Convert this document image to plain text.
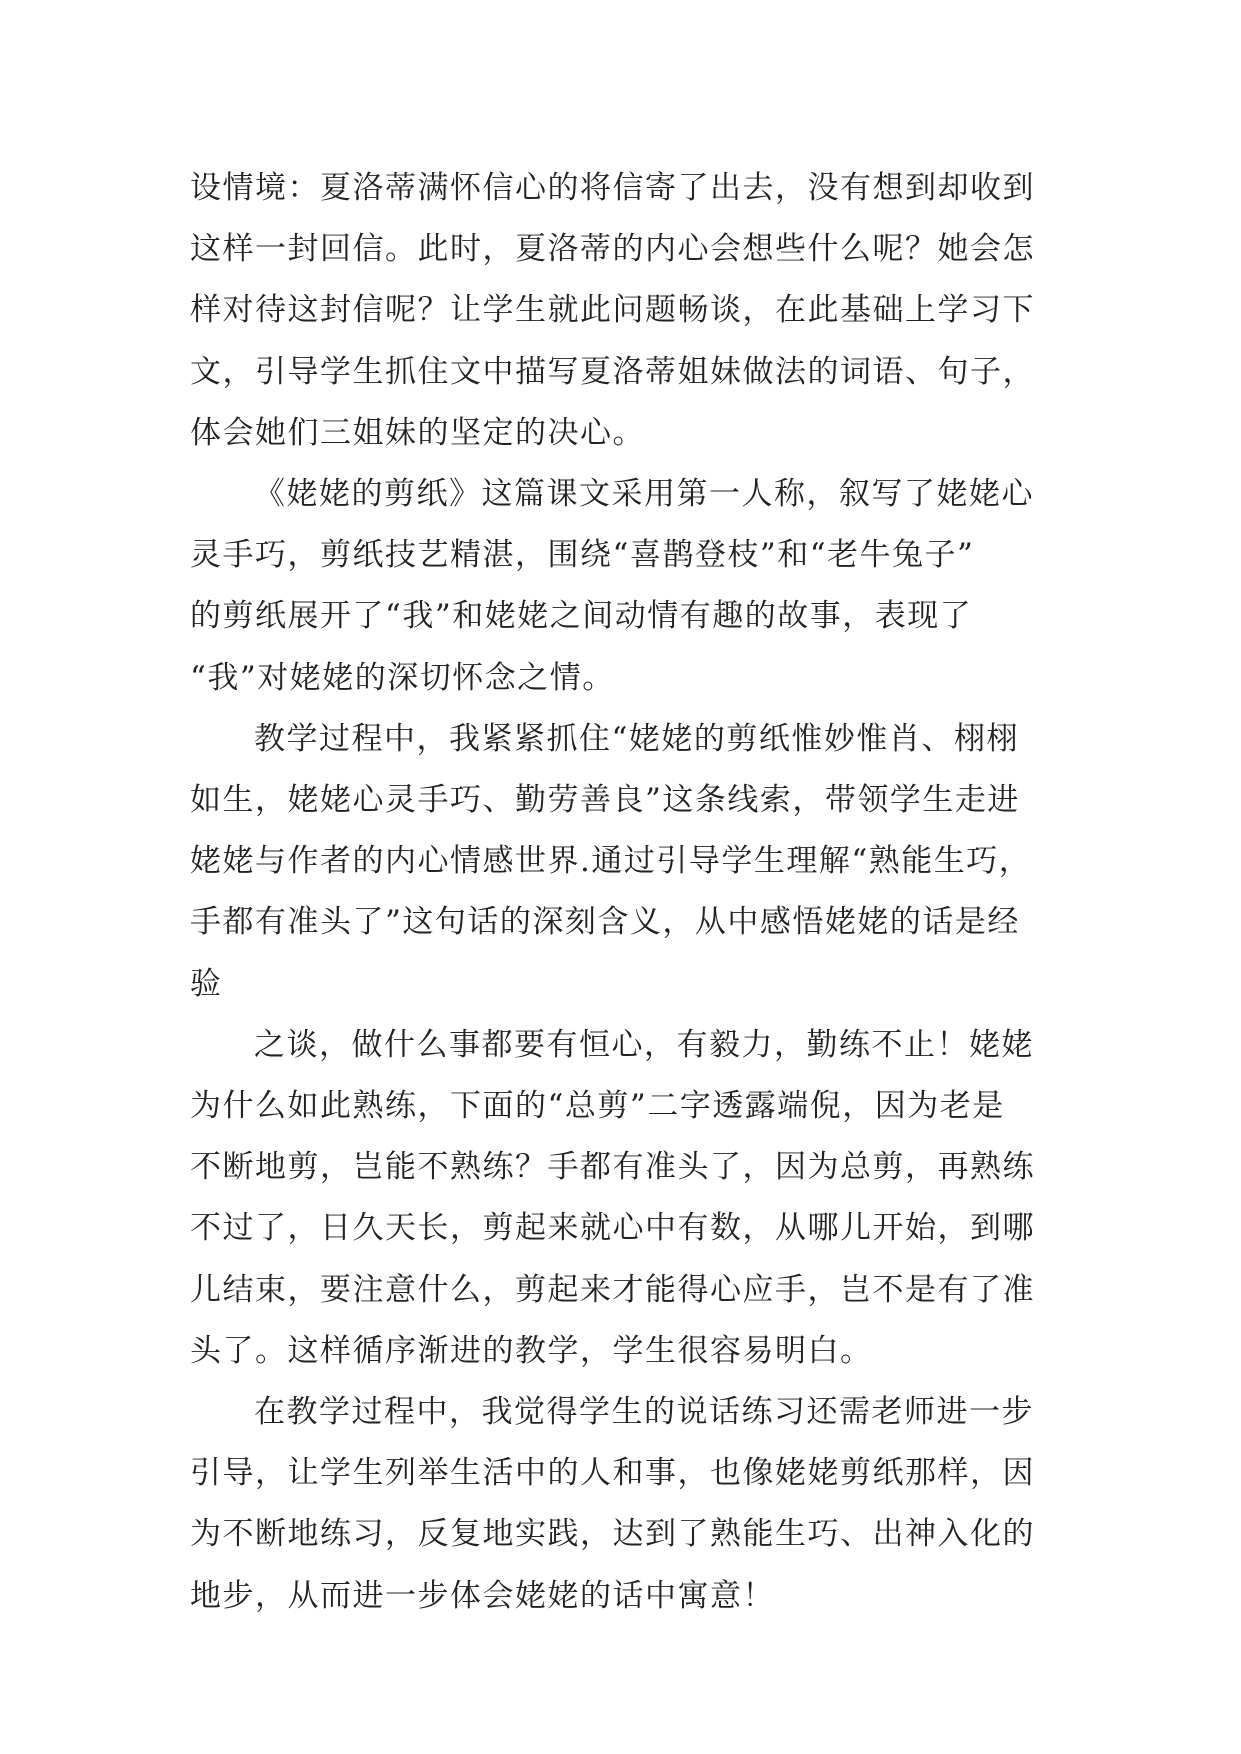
设情境：夏洛蒂满怀信心的将信寄了出去，没有想到却收到
这样一封回信。此时，夏洛蒂的内心会想些什么呢？她会怎
样对待这封信呢？让学生就此问题畅谈，在此基础上学习下
文，引导学生抓住文中描写夏洛蒂姐妹做法的词语、句子，
体会她们三姐妹的坚定的决心。
《姥姥的剪纸》这篇课文采用第一人称，叙写了姥姥心
灵手巧，剪纸技艺精湛，围绕“喜鹊登枝”和“老牛兔子”
的剪纸展开了“我”和姥姥之间动情有趣的故事，表现了
“我”对姥姥的深切怀念之情。
教学过程中，我紧紧抓住“姥姥的剪纸惟妙惟肖、栩栩
如生，姥姥心灵手巧、勤劳善良”这条线索，带领学生走进
姥姥与作者的内心情感世界.通过引导学生理解“熟能生巧，
手都有准头了”这句话的深刻含义，从中感悟姥姥的话是经
验
之谈，做什么事都要有恒心，有毅力，勤练不止！姥姥
为什么如此熟练，下面的“总剪”二字透露端倪，因为老是
不断地剪，岂能不熟练？手都有准头了，因为总剪，再熟练
不过了，日久天长，剪起来就心中有数，从哪儿开始，到哪
儿结束，要注意什么，剪起来才能得心应手，岂不是有了准
头了。这样循序渐进的教学，学生很容易明白。
在教学过程中，我觉得学生的说话练习还需老师进一步
引导，让学生列举生活中的人和事，也像姥姥剪纸那样，因
为不断地练习，反复地实践，达到了熟能生巧、出神入化的
地步，从而进一步体会姥姥的话中寓意！
